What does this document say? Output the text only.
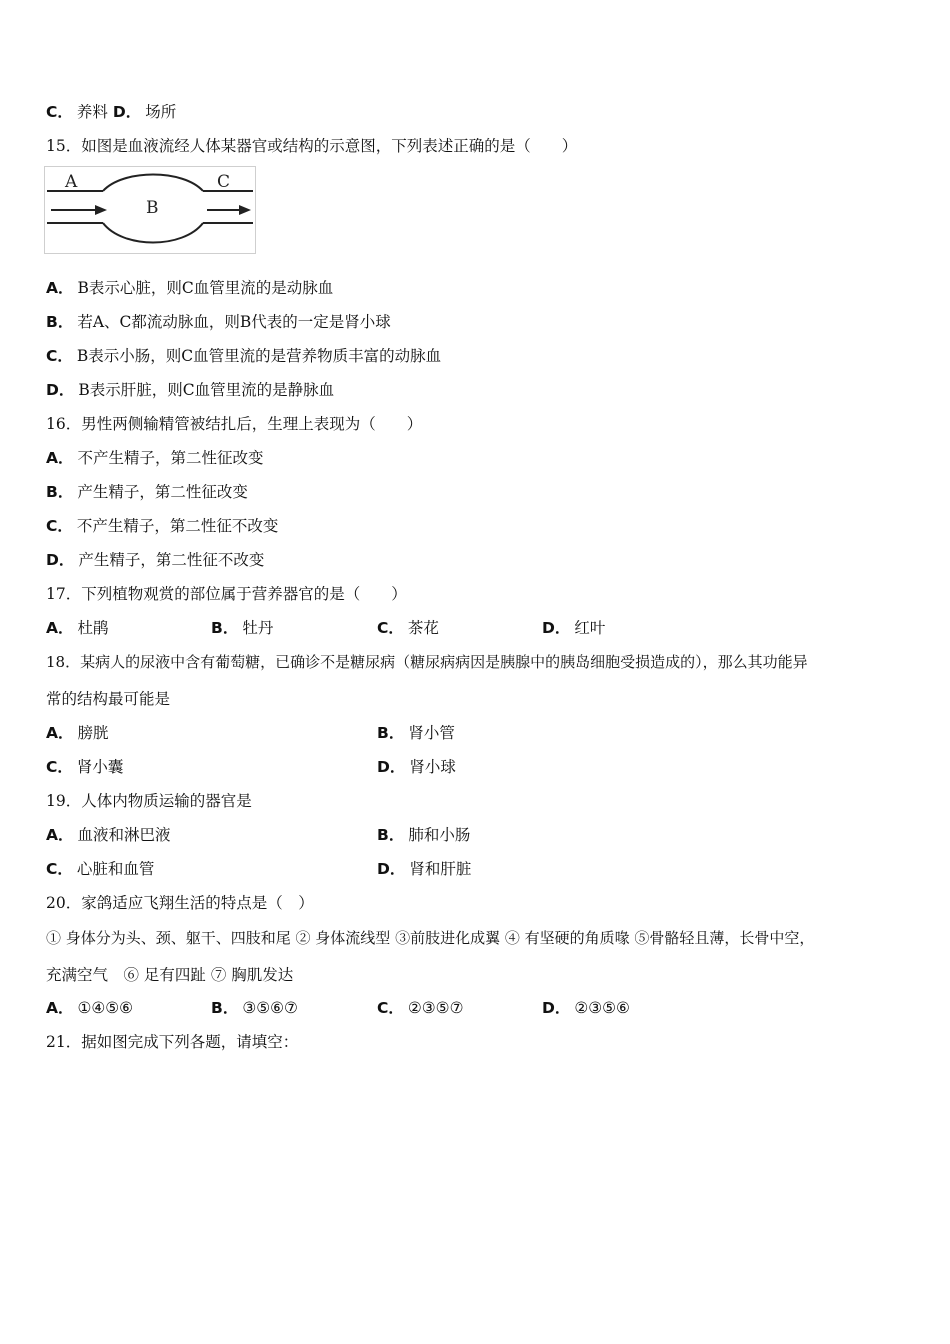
C． 养料 D． 场所
15．如图是血液流经人体某器官或结构的示意图，下列表述正确的是（　　）
A
B
C
A． B表示心脏，则C血管里流的是动脉血
B． 若A、C都流动脉血，则B代表的一定是肾小球
C． B表示小肠，则C血管里流的是营养物质丰富的动脉血
D． B表示肝脏，则C血管里流的是静脉血
16．男性两侧输精管被结扎后，生理上表现为（　　）
A． 不产生精子，第二性征改变
B． 产生精子，第二性征改变
C． 不产生精子，第二性征不改变
D． 产生精子，第二性征不改变
17．下列植物观赏的部位属于营养器官的是（　　）
A． 杜鹃	B． 牡丹	C． 茶花	D． 红叶
18．某病人的尿液中含有葡萄糖，已确诊不是糖尿病（糖尿病病因是胰腺中的胰岛细胞受损造成的），那么其功能异
常的结构最可能是
A． 膀胱	B． 肾小管
C． 肾小囊	D． 肾小球
19．人体内物质运输的器官是
A． 血液和淋巴液	B． 肺和小肠
C． 心脏和血管	D． 肾和肝脏
20．家鸽适应飞翔生活的特点是（　）
① 身体分为头、颈、躯干、四肢和尾 ② 身体流线型 ③前肢进化成翼 ④ 有坚硬的角质喙 ⑤骨骼轻且薄，长骨中空，
充满空气　⑥ 足有四趾 ⑦ 胸肌发达
A． ①④⑤⑥	B． ③⑤⑥⑦	C． ②③⑤⑦	D． ②③⑤⑥
21．据如图完成下列各题，请填空：
